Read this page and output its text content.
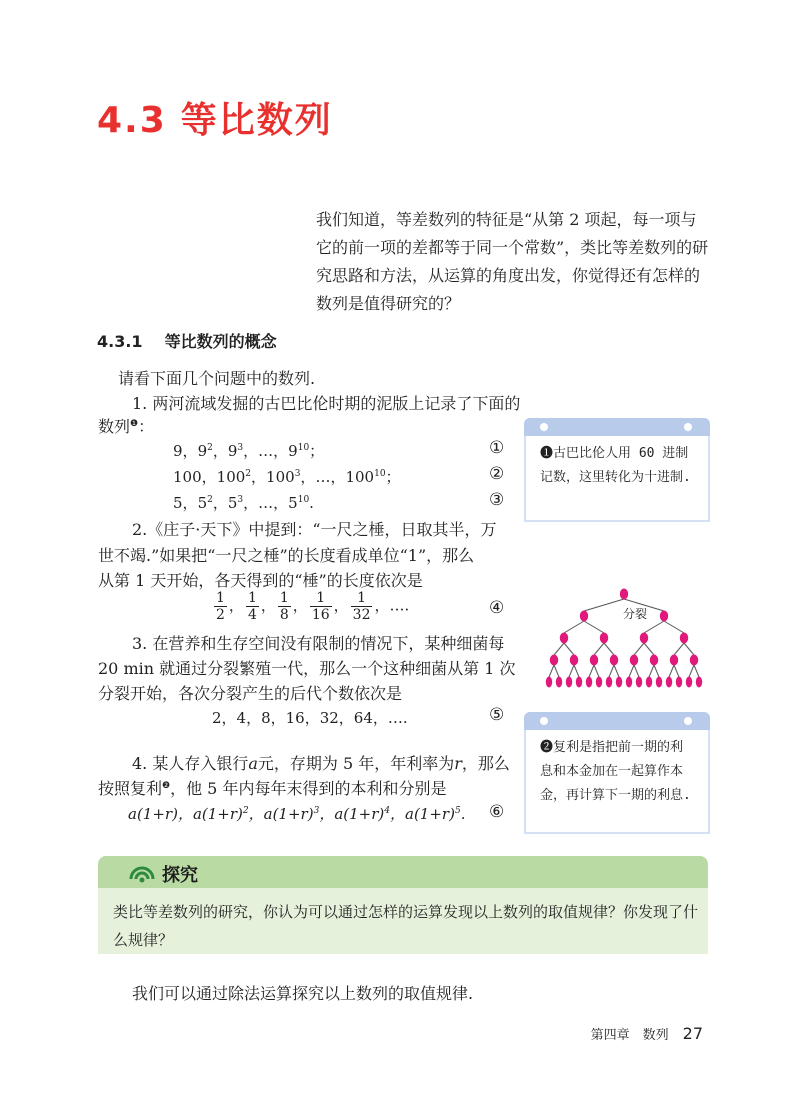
4.3 等比数列
我们知道，等差数列的特征是“从第 2 项起，每一项与它的前一项的差都等于同一个常数”，类比等差数列的研究思路和方法，从运算的角度出发，你觉得还有怎样的数列是值得研究的？
4.3.1 等比数列的概念
请看下面几个问题中的数列.
1. 两河流域发掘的古巴比伦时期的泥版上记录了下面的
数列$^❶$：
9，$9^2$，$9^3$，…，$9^{10}$；	①
100，$100^2$，$100^3$，…，$100^{10}$；	②
5，$5^2$，$5^3$，…，$5^{10}$.	③
2.《庄子·天下》中提到：“一尺之棰，日取其半，万
世不竭.”如果把“一尺之棰”的长度看成单位“1”，那么
从第 1 天开始，各天得到的“棰”的长度依次是
$\frac{1}{2}$ ， $\frac{1}{4}$ ， $\frac{1}{8}$ ， $\frac{1}{16}$ ， $\frac{1}{32}$ ，….	④
3. 在营养和生存空间没有限制的情况下，某种细菌每
20 min 就通过分裂繁殖一代，那么一个这种细菌从第 1 次
分裂开始，各次分裂产生的后代个数依次是
2，4，8，16，32，64，….	⑤
4. 某人存入银行a元，存期为 5 年，年利率为r，那么
按照复利$^❷$，他 5 年内每年末得到的本利和分别是
a(1+r)，$a(1+r)^2$，$a(1+r)^3$，$a(1+r)^4$，$a(1+r)^5$. ⑥
❶古巴比伦人用 60 进制记数，这里转化为十进制.
分裂
❷复利是指把前一期的利息和本金加在一起算作本金，再计算下一期的利息.
探究
类比等差数列的研究，你认为可以通过怎样的运算发现以上数列的取值规律？你发现了什么规律？
我们可以通过除法运算探究以上数列的取值规律.
第四章　数列 27
